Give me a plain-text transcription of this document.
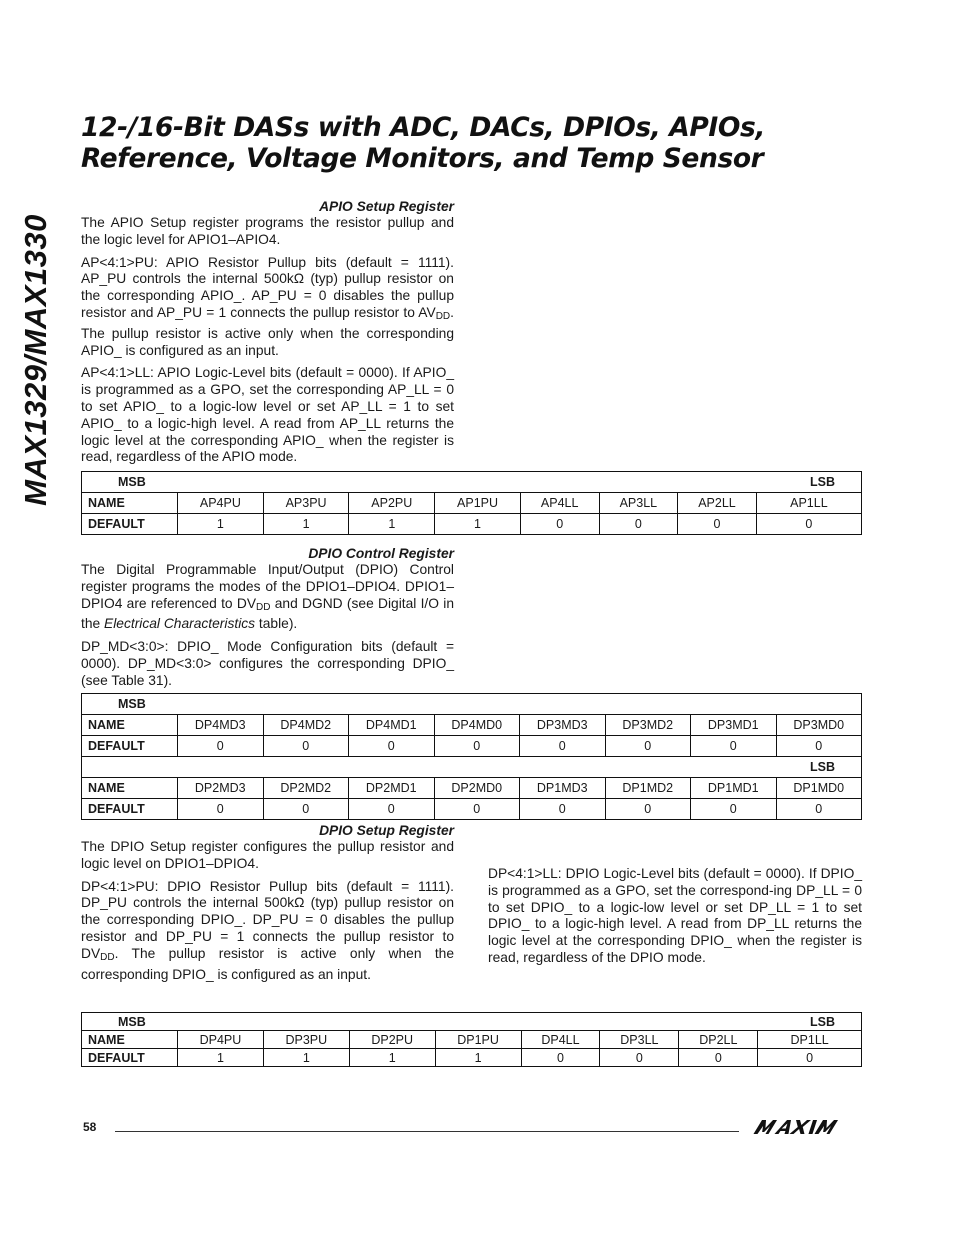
MAX1329/MAX1330
12-/16-Bit DASs with ADC, DACs, DPIOs, APIOs,
Reference, Voltage Monitors, and Temp Sensor
APIO Setup Register
The APIO Setup register programs the resistor pullup and the logic level for APIO1–APIO4.
AP<4:1>PU: APIO Resistor Pullup bits (default = 1111). AP_PU controls the internal 500kΩ (typ) pullup resistor on the corresponding APIO_. AP_PU = 0 disables the pullup resistor and AP_PU = 1 connects the pullup resistor to $AV_{DD}$. The pullup resistor is active only when the corresponding APIO_ is configured as an input.
AP<4:1>LL: APIO Logic-Level bits (default = 0000). If APIO_ is programmed as a GPO, set the corresponding AP_LL = 0 to set APIO_ to a logic-low level or set AP_LL = 1 to set APIO_ to a logic-high level. A read from AP_LL returns the logic level at the corresponding APIO_ when the register is read, regardless of the APIO mode.
MSB								LSB
NAME	AP4PU	AP3PU	AP2PU	AP1PU	AP4LL	AP3LL	AP2LL	AP1LL
DEFAULT	1	1	1	1	0	0	0	0
DPIO Control Register
The Digital Programmable Input/Output (DPIO) Control register programs the modes of the DPIO1–DPIO4. DPIO1–DPIO4 are referenced to $DV_{DD}$ and DGND (see Digital I/O in the Electrical Characteristics table).
DP_MD<3:0>: DPIO_ Mode Configuration bits (default = 0000). DP_MD<3:0> configures the corresponding DPIO_ (see Table 31).
MSB								
NAME	DP4MD3	DP4MD2	DP4MD1	DP4MD0	DP3MD3	DP3MD2	DP3MD1	DP3MD0
DEFAULT	0	0	0	0	0	0	0	0
								LSB
NAME	DP2MD3	DP2MD2	DP2MD1	DP2MD0	DP1MD3	DP1MD2	DP1MD1	DP1MD0
DEFAULT	0	0	0	0	0	0	0	0
DPIO Setup Register
The DPIO Setup register configures the pullup resistor and logic level on DPIO1–DPIO4.
DP<4:1>PU: DPIO Resistor Pullup bits (default = 1111). DP_PU controls the internal 500kΩ (typ) pullup resistor on the corresponding DPIO_. DP_PU = 0 disables the pullup resistor and DP_PU = 1 connects the pullup resistor to $DV_{DD}$. The pullup resistor is active only when the corresponding DPIO_ is configured as an input.
DP<4:1>LL: DPIO Logic-Level bits (default = 0000). If DPIO_ is programmed as a GPO, set the correspond-ing DP_LL = 0 to set DPIO_ to a logic-low level or set DP_LL = 1 to set DPIO_ to a logic-high level. A read from DP_LL returns the logic level at the corresponding DPIO_ when the register is read, regardless of the DPIO mode.
MSB								LSB
NAME	DP4PU	DP3PU	DP2PU	DP1PU	DP4LL	DP3LL	DP2LL	DP1LL
DEFAULT	1	1	1	1	0	0	0	0
58
